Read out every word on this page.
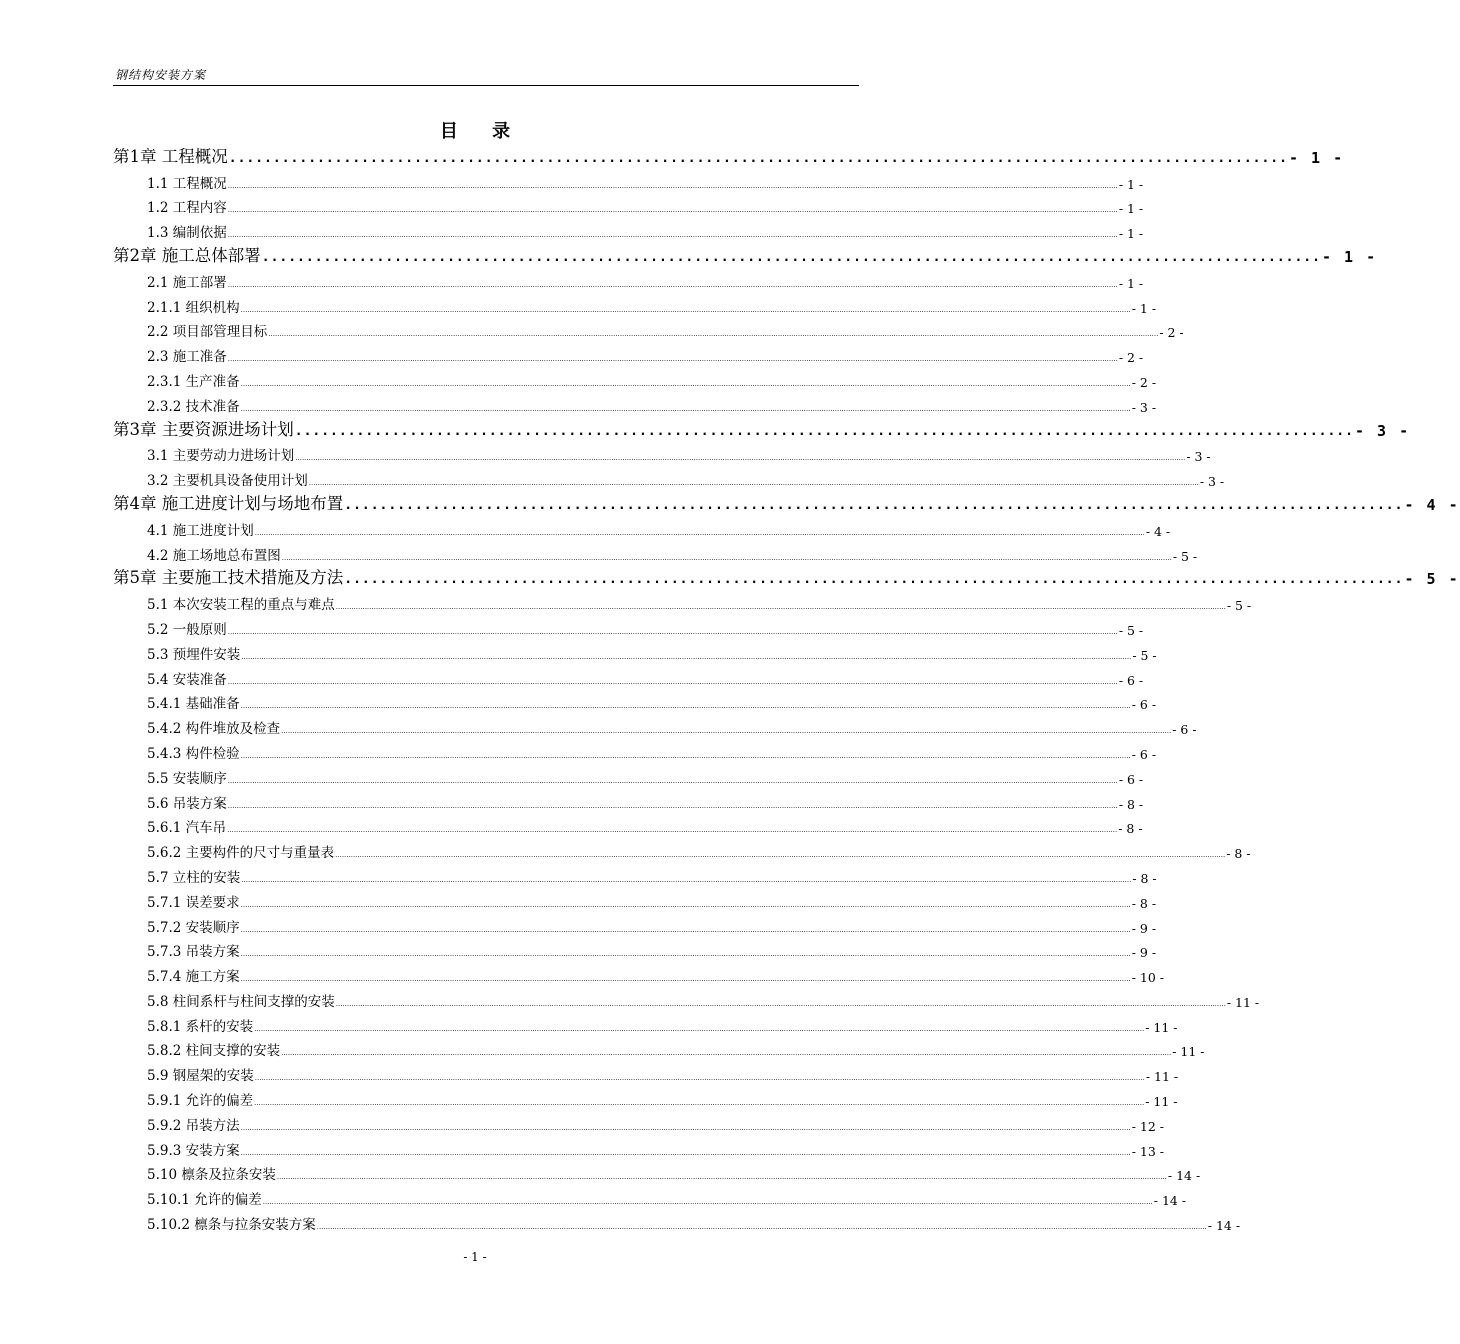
钢结构安装方案
目 录
第1章 工程概况 ........................................................................................................................ - 1 -
1.1 工程概况 ................................................................................................................................................................................................................................................................................................................................................................................................................ - 1 -
1.2 工程内容 ................................................................................................................................................................................................................................................................................................................................................................................................................ - 1 -
1.3 编制依据 ................................................................................................................................................................................................................................................................................................................................................................................................................ - 1 -
第2章 施工总体部署 ........................................................................................................................ - 1 -
2.1 施工部署 ................................................................................................................................................................................................................................................................................................................................................................................................................ - 1 -
2.1.1 组织机构 ................................................................................................................................................................................................................................................................................................................................................................................................................ - 1 -
2.2 项目部管理目标 ................................................................................................................................................................................................................................................................................................................................................................................................................ - 2 -
2.3 施工准备 ................................................................................................................................................................................................................................................................................................................................................................................................................ - 2 -
2.3.1 生产准备 ................................................................................................................................................................................................................................................................................................................................................................................................................ - 2 -
2.3.2 技术准备 ................................................................................................................................................................................................................................................................................................................................................................................................................ - 3 -
第3章 主要资源进场计划 ........................................................................................................................ - 3 -
3.1 主要劳动力进场计划 ................................................................................................................................................................................................................................................................................................................................................................................................................ - 3 -
3.2 主要机具设备使用计划 ................................................................................................................................................................................................................................................................................................................................................................................................................ - 3 -
第4章 施工进度计划与场地布置 ........................................................................................................................ - 4 -
4.1 施工进度计划 ................................................................................................................................................................................................................................................................................................................................................................................................................ - 4 -
4.2 施工场地总布置图 ................................................................................................................................................................................................................................................................................................................................................................................................................ - 5 -
第5章 主要施工技术措施及方法 ........................................................................................................................ - 5 -
5.1 本次安装工程的重点与难点 ................................................................................................................................................................................................................................................................................................................................................................................................................ - 5 -
5.2 一般原则 ................................................................................................................................................................................................................................................................................................................................................................................................................ - 5 -
5.3 预埋件安装 ................................................................................................................................................................................................................................................................................................................................................................................................................ - 5 -
5.4 安装准备 ................................................................................................................................................................................................................................................................................................................................................................................................................ - 6 -
5.4.1 基础准备 ................................................................................................................................................................................................................................................................................................................................................................................................................ - 6 -
5.4.2 构件堆放及检查 ................................................................................................................................................................................................................................................................................................................................................................................................................ - 6 -
5.4.3 构件检验 ................................................................................................................................................................................................................................................................................................................................................................................................................ - 6 -
5.5 安装顺序 ................................................................................................................................................................................................................................................................................................................................................................................................................ - 6 -
5.6 吊装方案 ................................................................................................................................................................................................................................................................................................................................................................................................................ - 8 -
5.6.1 汽车吊 ................................................................................................................................................................................................................................................................................................................................................................................................................ - 8 -
5.6.2 主要构件的尺寸与重量表 ................................................................................................................................................................................................................................................................................................................................................................................................................ - 8 -
5.7 立柱的安装 ................................................................................................................................................................................................................................................................................................................................................................................................................ - 8 -
5.7.1 误差要求 ................................................................................................................................................................................................................................................................................................................................................................................................................ - 8 -
5.7.2 安装顺序 ................................................................................................................................................................................................................................................................................................................................................................................................................ - 9 -
5.7.3 吊装方案 ................................................................................................................................................................................................................................................................................................................................................................................................................ - 9 -
5.7.4 施工方案 ................................................................................................................................................................................................................................................................................................................................................................................................................ - 10 -
5.8 柱间系杆与柱间支撑的安装 ................................................................................................................................................................................................................................................................................................................................................................................................................ - 11 -
5.8.1 系杆的安装 ................................................................................................................................................................................................................................................................................................................................................................................................................ - 11 -
5.8.2 柱间支撑的安装 ................................................................................................................................................................................................................................................................................................................................................................................................................ - 11 -
5.9 钢屋架的安装 ................................................................................................................................................................................................................................................................................................................................................................................................................ - 11 -
5.9.1 允许的偏差 ................................................................................................................................................................................................................................................................................................................................................................................................................ - 11 -
5.9.2 吊装方法 ................................................................................................................................................................................................................................................................................................................................................................................................................ - 12 -
5.9.3 安装方案 ................................................................................................................................................................................................................................................................................................................................................................................................................ - 13 -
5.10 檩条及拉条安装 ................................................................................................................................................................................................................................................................................................................................................................................................................ - 14 -
5.10.1 允许的偏差 ................................................................................................................................................................................................................................................................................................................................................................................................................ - 14 -
5.10.2 檩条与拉条安装方案 ................................................................................................................................................................................................................................................................................................................................................................................................................ - 14 -
- 1 -
